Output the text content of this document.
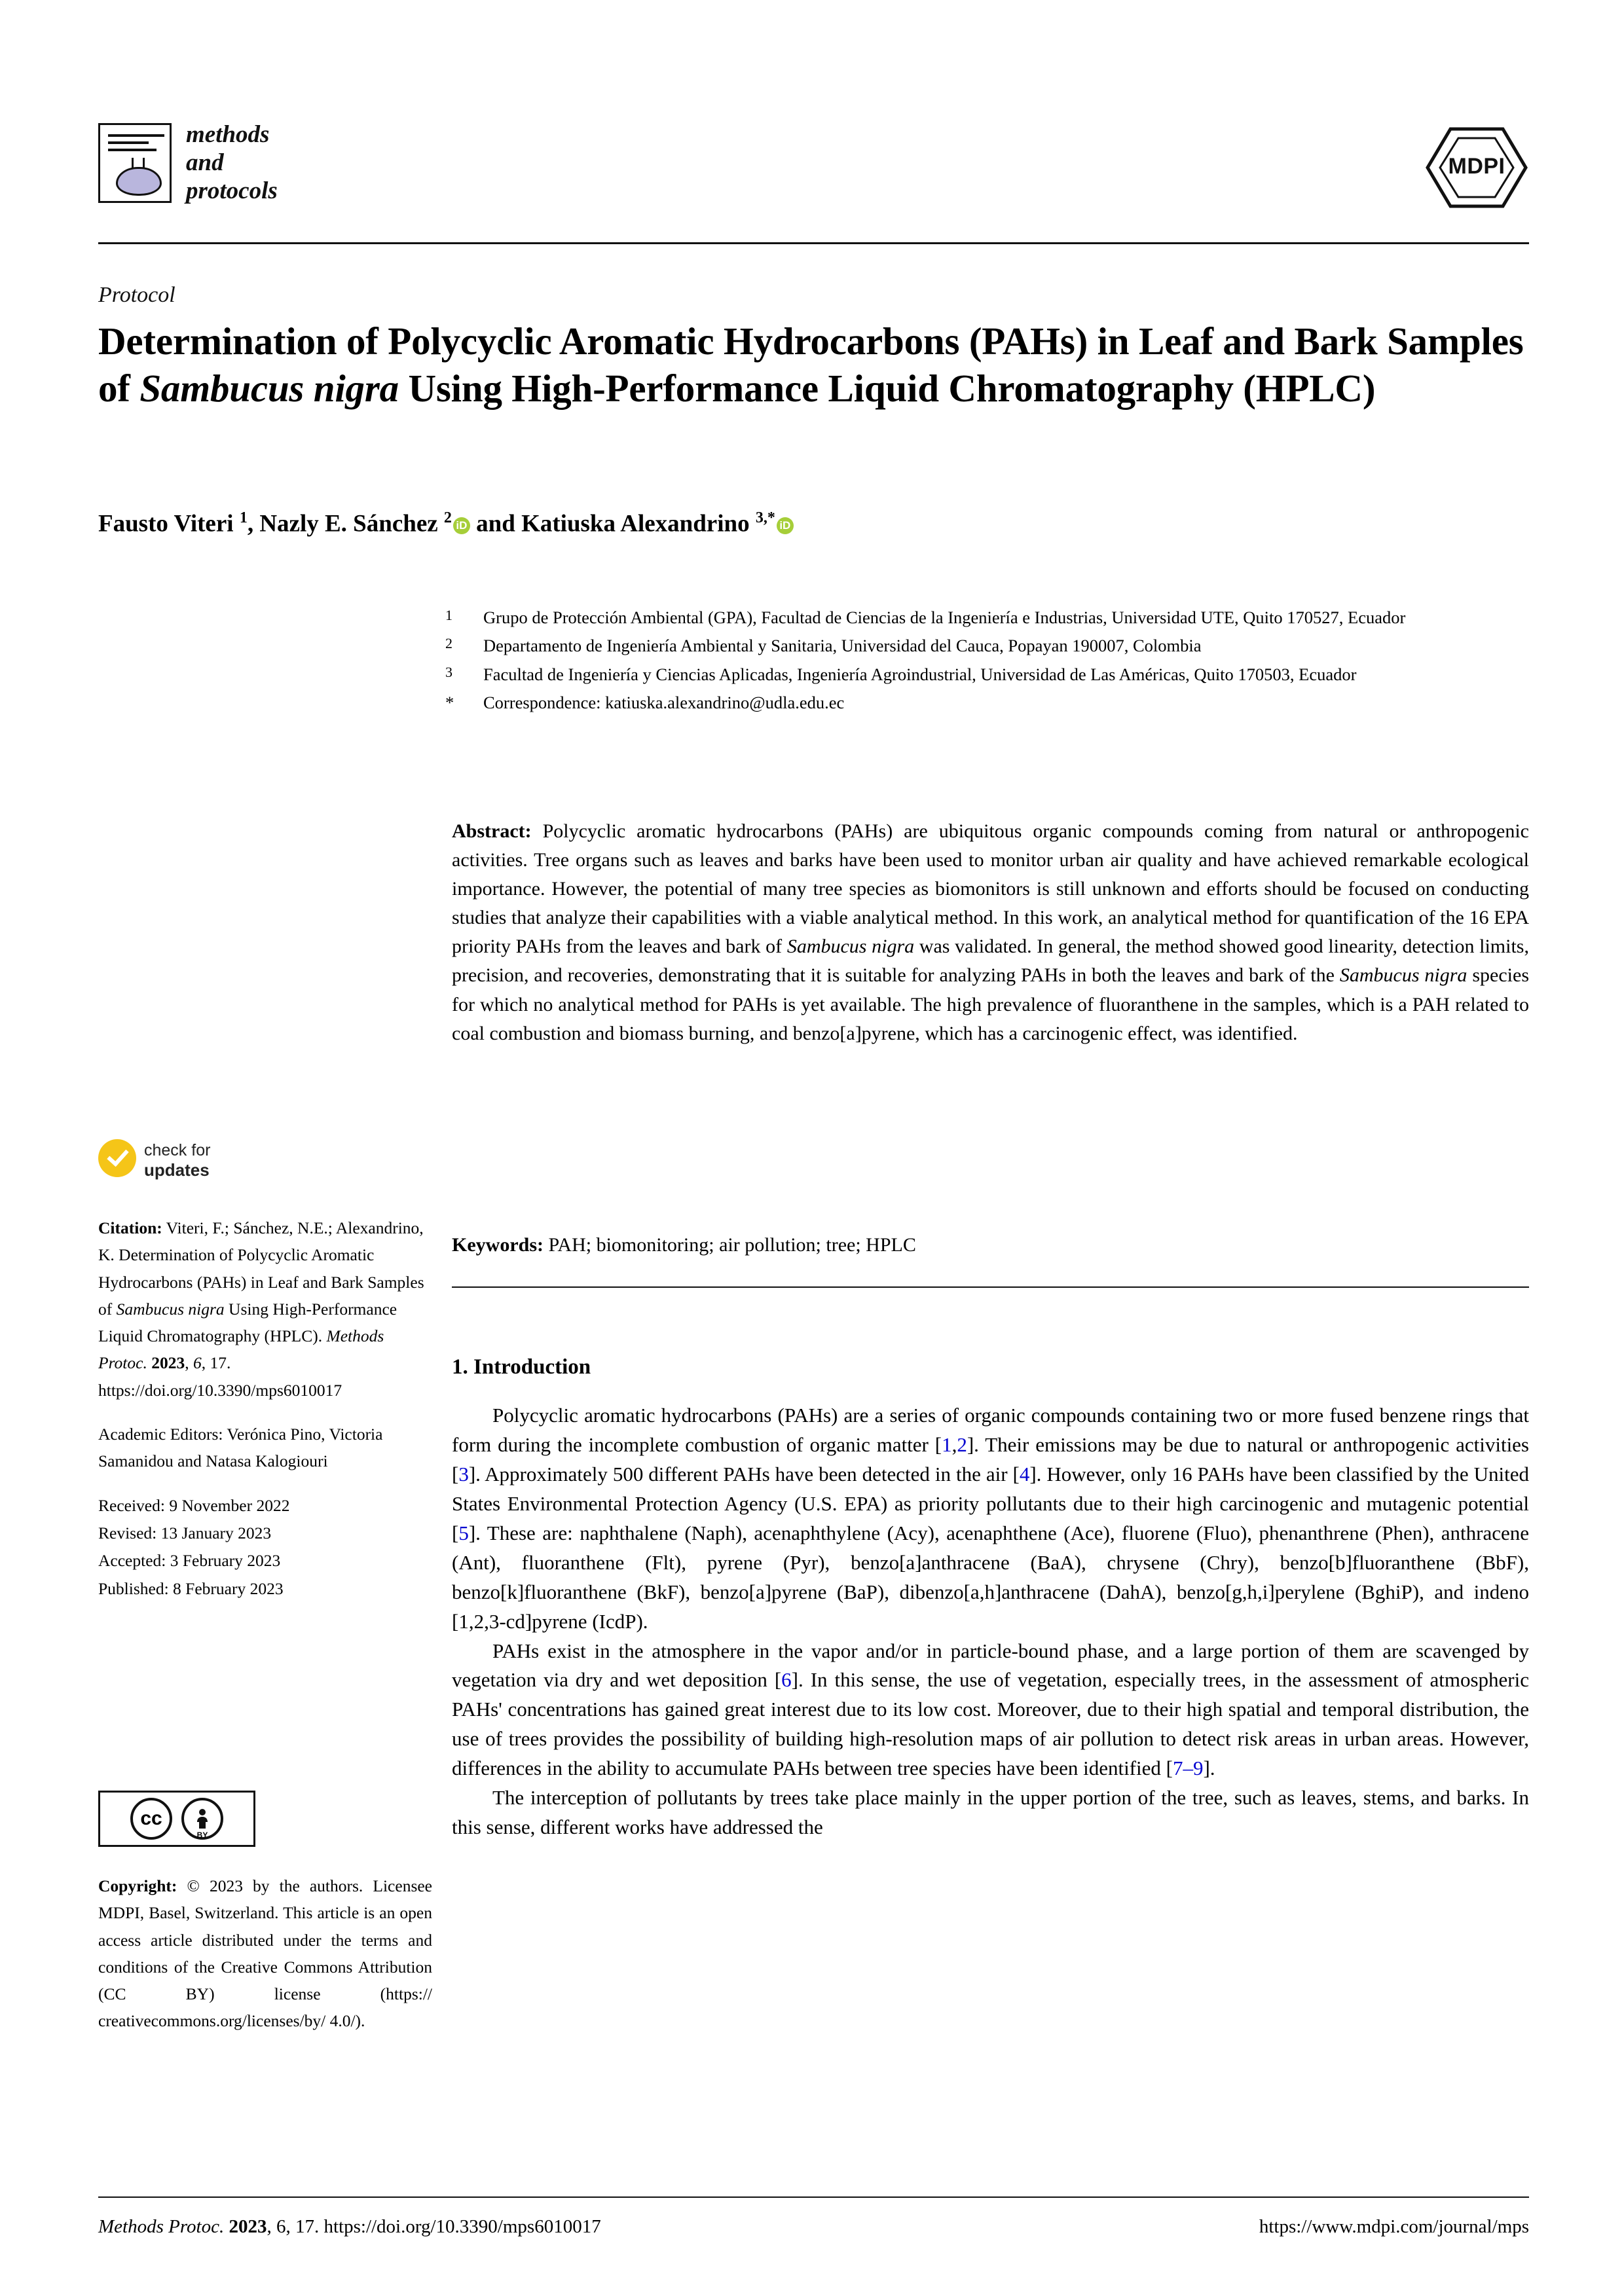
methods
and
protocols
MDPI
Protocol
Determination of Polycyclic Aromatic Hydrocarbons (PAHs) in Leaf and Bark Samples of Sambucus nigra Using High-Performance Liquid Chromatography (HPLC)
Fausto Viteri $^1$, Nazly E. Sánchez $^2$ iD and Katiuska Alexandrino $^{3,*}$ iD
$^1$	Grupo de Protección Ambiental (GPA), Facultad de Ciencias de la Ingeniería e Industrias, Universidad UTE, Quito 170527, Ecuador
$^2$	Departamento de Ingeniería Ambiental y Sanitaria, Universidad del Cauca, Popayan 190007, Colombia
$^3$	Facultad de Ingeniería y Ciencias Aplicadas, Ingeniería Agroindustrial, Universidad de Las Américas, Quito 170503, Ecuador
*	Correspondence: katiuska.alexandrino@udla.edu.ec
Abstract: Polycyclic aromatic hydrocarbons (PAHs) are ubiquitous organic compounds coming from natural or anthropogenic activities. Tree organs such as leaves and barks have been used to monitor urban air quality and have achieved remarkable ecological importance. However, the potential of many tree species as biomonitors is still unknown and efforts should be focused on conducting studies that analyze their capabilities with a viable analytical method. In this work, an analytical method for quantification of the 16 EPA priority PAHs from the leaves and bark of Sambucus nigra was validated. In general, the method showed good linearity, detection limits, precision, and recoveries, demonstrating that it is suitable for analyzing PAHs in both the leaves and bark of the Sambucus nigra species for which no analytical method for PAHs is yet available. The high prevalence of fluoranthene in the samples, which is a PAH related to coal combustion and biomass burning, and benzo[a]pyrene, which has a carcinogenic effect, was identified.
Keywords: PAH; biomonitoring; air pollution; tree; HPLC
1. Introduction

Polycyclic aromatic hydrocarbons (PAHs) are a series of organic compounds containing two or more fused benzene rings that form during the incomplete combustion of organic matter [1,2]. Their emissions may be due to natural or anthropogenic activities [3]. Approximately 500 different PAHs have been detected in the air [4]. However, only 16 PAHs have been classified by the United States Environmental Protection Agency (U.S. EPA) as priority pollutants due to their high carcinogenic and mutagenic potential [5]. These are: naphthalene (Naph), acenaphthylene (Acy), acenaphthene (Ace), fluorene (Fluo), phenanthrene (Phen), anthracene (Ant), fluoranthene (Flt), pyrene (Pyr), benzo[a]anthracene (BaA), chrysene (Chry), benzo[b]fluoranthene (BbF), benzo[k]fluoranthene (BkF), benzo[a]pyrene (BaP), dibenzo[a,h]anthracene (DahA), benzo[g,h,i]perylene (BghiP), and indeno [1,2,3-cd]pyrene (IcdP).

PAHs exist in the atmosphere in the vapor and/or in particle-bound phase, and a large portion of them are scavenged by vegetation via dry and wet deposition [6]. In this sense, the use of vegetation, especially trees, in the assessment of atmospheric PAHs' concentrations has gained great interest due to its low cost. Moreover, due to their high spatial and temporal distribution, the use of trees provides the possibility of building high-resolution maps of air pollution to detect risk areas in urban areas. However, differences in the ability to accumulate PAHs between tree species have been identified [7–9].

The interception of pollutants by trees take place mainly in the upper portion of the tree, such as leaves, stems, and barks. In this sense, different works have addressed the

check for
updates

Citation: Viteri, F.; Sánchez, N.E.; Alexandrino, K. Determination of Polycyclic Aromatic Hydrocarbons (PAHs) in Leaf and Bark Samples of Sambucus nigra Using High-Performance Liquid Chromatography (HPLC). Methods Protoc. 2023, 6, 17. https://doi.org/10.3390/mps6010017

Academic Editors: Verónica Pino, Victoria Samanidou and Natasa Kalogiouri

Received: 9 November 2022
Revised: 13 January 2023
Accepted: 3 February 2023
Published: 8 February 2023

cc
BY
Copyright: © 2023 by the authors. Licensee MDPI, Basel, Switzerland. This article is an open access article distributed under the terms and conditions of the Creative Commons Attribution (CC BY) license (https:// creativecommons.org/licenses/by/ 4.0/).
Methods Protoc. 2023, 6, 17. https://doi.org/10.3390/mps6010017	https://www.mdpi.com/journal/mps
